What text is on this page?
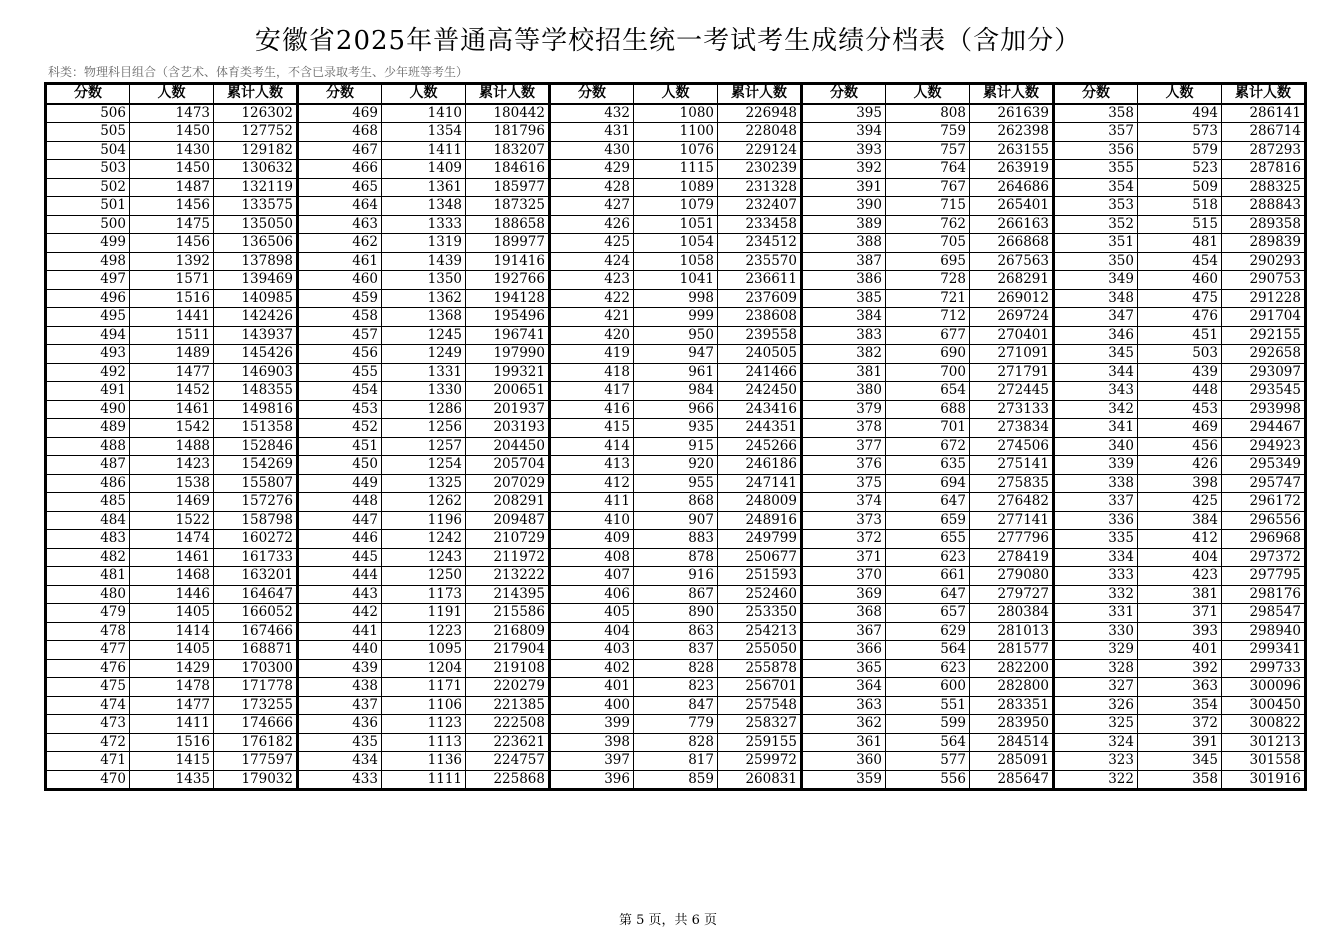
安徽省2025年普通高等学校招生统一考试考生成绩分档表（含加分）
科类：物理科目组合（含艺术、体育类考生，不含已录取考生、少年班等考生）
分数	人数	累计人数	分数	人数	累计人数	分数	人数	累计人数	分数	人数	累计人数	分数	人数	累计人数
506	1473	126302	469	1410	180442	432	1080	226948	395	808	261639	358	494	286141
505	1450	127752	468	1354	181796	431	1100	228048	394	759	262398	357	573	286714
504	1430	129182	467	1411	183207	430	1076	229124	393	757	263155	356	579	287293
503	1450	130632	466	1409	184616	429	1115	230239	392	764	263919	355	523	287816
502	1487	132119	465	1361	185977	428	1089	231328	391	767	264686	354	509	288325
501	1456	133575	464	1348	187325	427	1079	232407	390	715	265401	353	518	288843
500	1475	135050	463	1333	188658	426	1051	233458	389	762	266163	352	515	289358
499	1456	136506	462	1319	189977	425	1054	234512	388	705	266868	351	481	289839
498	1392	137898	461	1439	191416	424	1058	235570	387	695	267563	350	454	290293
497	1571	139469	460	1350	192766	423	1041	236611	386	728	268291	349	460	290753
496	1516	140985	459	1362	194128	422	998	237609	385	721	269012	348	475	291228
495	1441	142426	458	1368	195496	421	999	238608	384	712	269724	347	476	291704
494	1511	143937	457	1245	196741	420	950	239558	383	677	270401	346	451	292155
493	1489	145426	456	1249	197990	419	947	240505	382	690	271091	345	503	292658
492	1477	146903	455	1331	199321	418	961	241466	381	700	271791	344	439	293097
491	1452	148355	454	1330	200651	417	984	242450	380	654	272445	343	448	293545
490	1461	149816	453	1286	201937	416	966	243416	379	688	273133	342	453	293998
489	1542	151358	452	1256	203193	415	935	244351	378	701	273834	341	469	294467
488	1488	152846	451	1257	204450	414	915	245266	377	672	274506	340	456	294923
487	1423	154269	450	1254	205704	413	920	246186	376	635	275141	339	426	295349
486	1538	155807	449	1325	207029	412	955	247141	375	694	275835	338	398	295747
485	1469	157276	448	1262	208291	411	868	248009	374	647	276482	337	425	296172
484	1522	158798	447	1196	209487	410	907	248916	373	659	277141	336	384	296556
483	1474	160272	446	1242	210729	409	883	249799	372	655	277796	335	412	296968
482	1461	161733	445	1243	211972	408	878	250677	371	623	278419	334	404	297372
481	1468	163201	444	1250	213222	407	916	251593	370	661	279080	333	423	297795
480	1446	164647	443	1173	214395	406	867	252460	369	647	279727	332	381	298176
479	1405	166052	442	1191	215586	405	890	253350	368	657	280384	331	371	298547
478	1414	167466	441	1223	216809	404	863	254213	367	629	281013	330	393	298940
477	1405	168871	440	1095	217904	403	837	255050	366	564	281577	329	401	299341
476	1429	170300	439	1204	219108	402	828	255878	365	623	282200	328	392	299733
475	1478	171778	438	1171	220279	401	823	256701	364	600	282800	327	363	300096
474	1477	173255	437	1106	221385	400	847	257548	363	551	283351	326	354	300450
473	1411	174666	436	1123	222508	399	779	258327	362	599	283950	325	372	300822
472	1516	176182	435	1113	223621	398	828	259155	361	564	284514	324	391	301213
471	1415	177597	434	1136	224757	397	817	259972	360	577	285091	323	345	301558
470	1435	179032	433	1111	225868	396	859	260831	359	556	285647	322	358	301916
第 5 页，共 6 页
